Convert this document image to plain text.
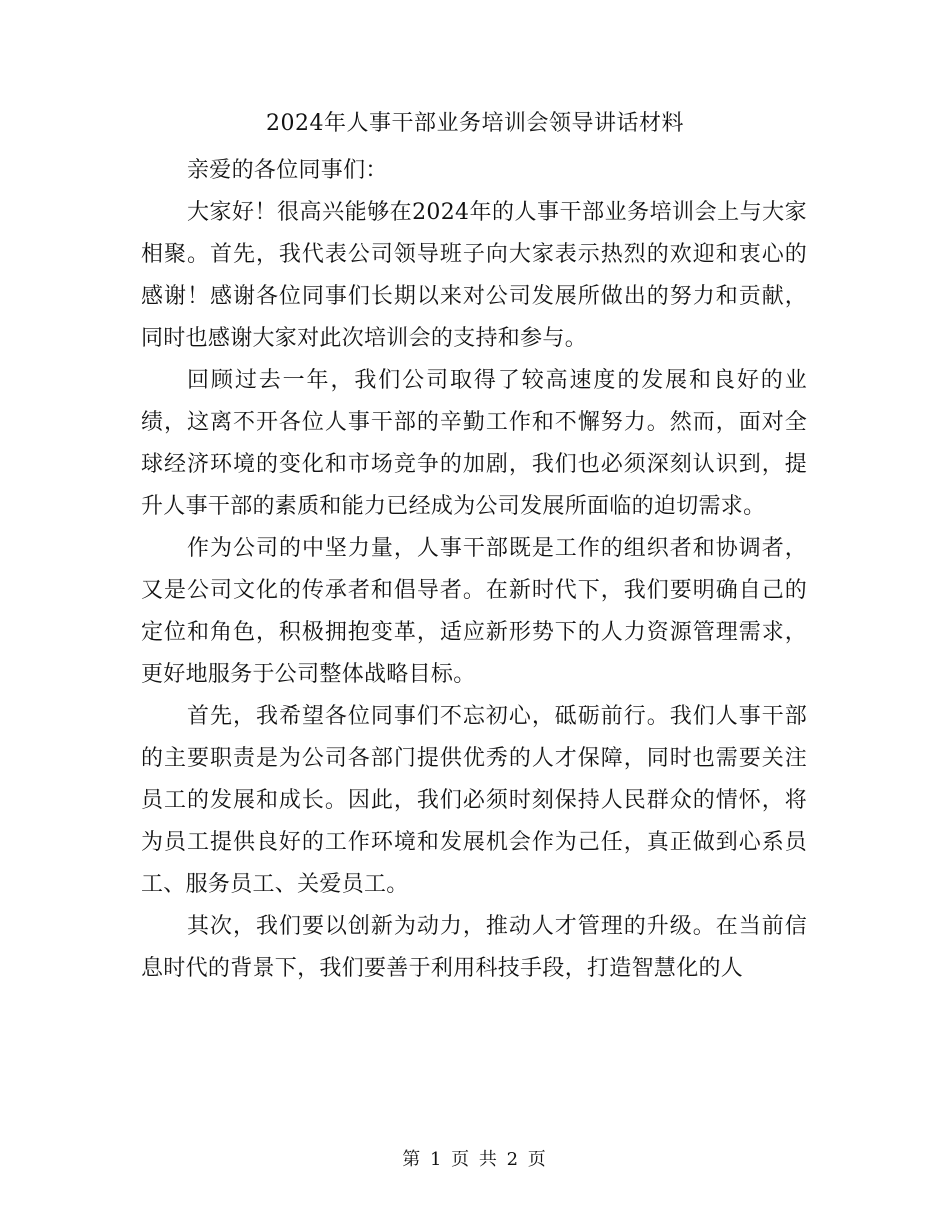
2024年人事干部业务培训会领导讲话材料

亲爱的各位同事们：

大家好！很高兴能够在2024年的人事干部业务培训会上与大家相聚。首先，我代表公司领导班子向大家表示热烈的欢迎和衷心的感谢！感谢各位同事们长期以来对公司发展所做出的努力和贡献，同时也感谢大家对此次培训会的支持和参与。

回顾过去一年，我们公司取得了较高速度的发展和良好的业绩，这离不开各位人事干部的辛勤工作和不懈努力。然而，面对全球经济环境的变化和市场竞争的加剧，我们也必须深刻认识到，提升人事干部的素质和能力已经成为公司发展所面临的迫切需求。

作为公司的中坚力量，人事干部既是工作的组织者和协调者，又是公司文化的传承者和倡导者。在新时代下，我们要明确自己的定位和角色，积极拥抱变革，适应新形势下的人力资源管理需求，更好地服务于公司整体战略目标。

首先，我希望各位同事们不忘初心，砥砺前行。我们人事干部的主要职责是为公司各部门提供优秀的人才保障，同时也需要关注员工的发展和成长。因此，我们必须时刻保持人民群众的情怀，将为员工提供良好的工作环境和发展机会作为己任，真正做到心系员工、服务员工、关爱员工。

其次，我们要以创新为动力，推动人才管理的升级。在当前信息时代的背景下，我们要善于利用科技手段，打造智慧化的人

第 1 页 共 2 页
